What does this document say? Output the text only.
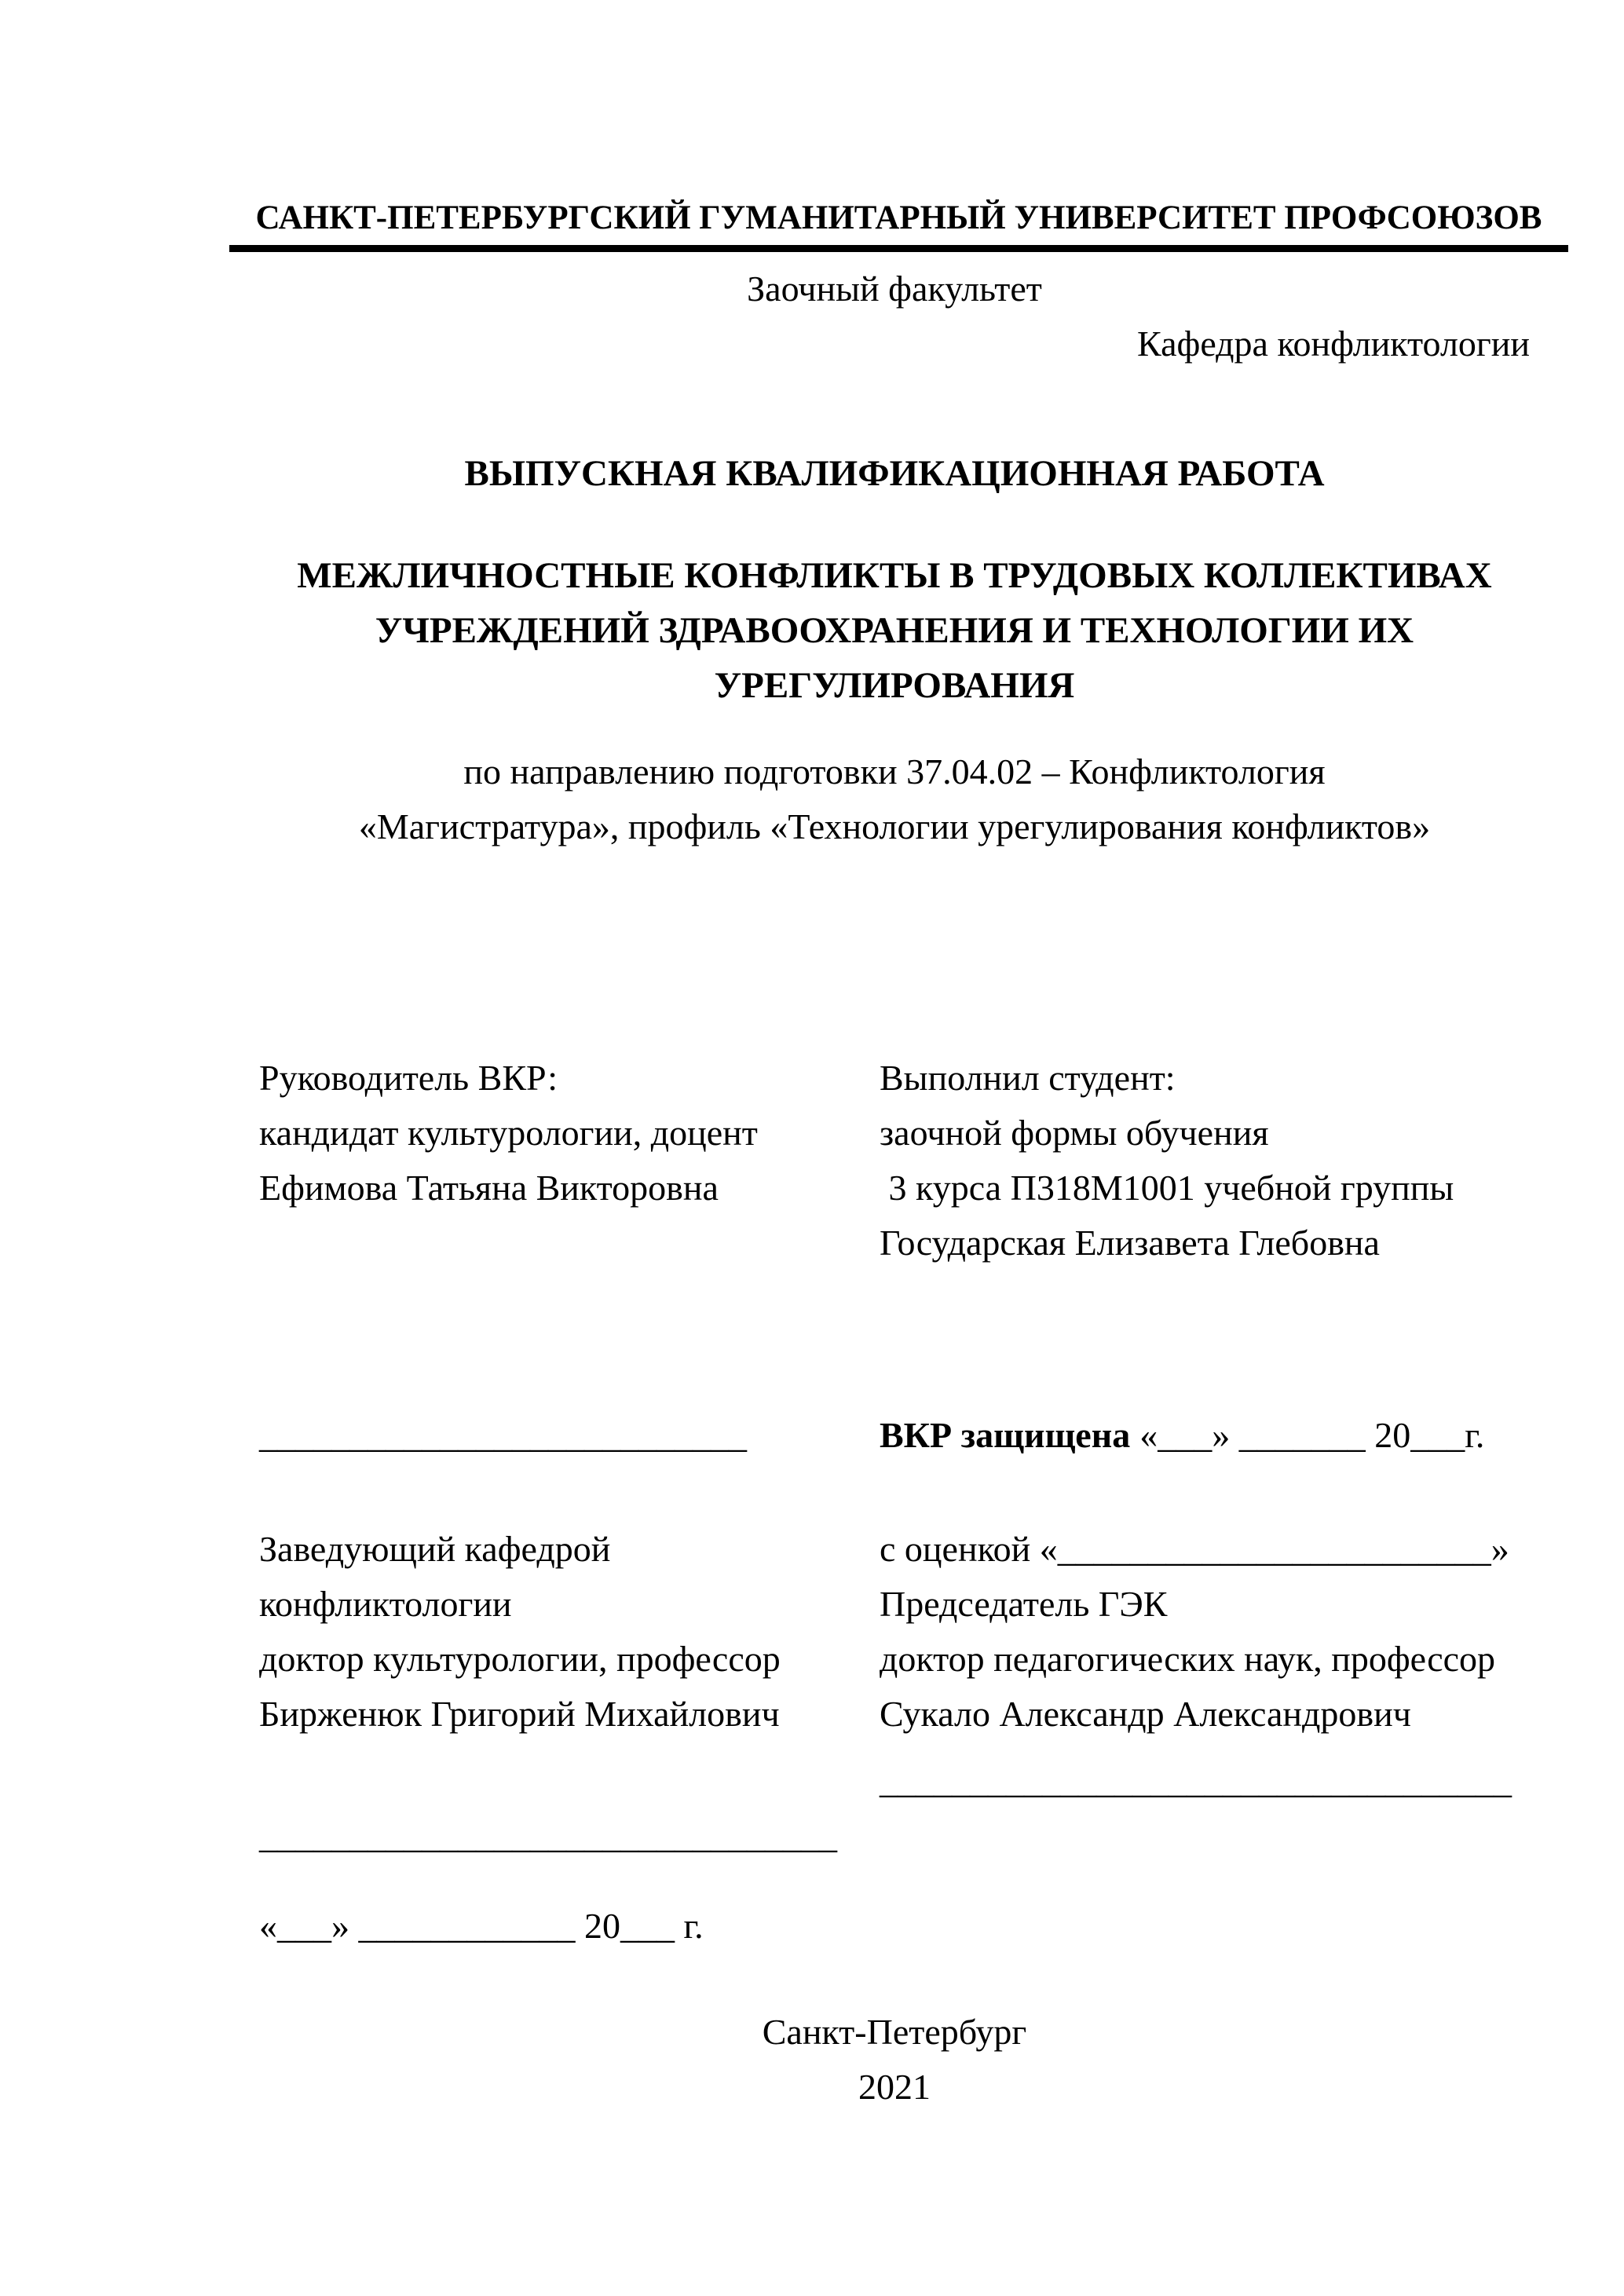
САНКТ-ПЕТЕРБУРГСКИЙ ГУМАНИТАРНЫЙ УНИВЕРСИТЕТ ПРОФСОЮЗОВ
Заочный факультет
Кафедра конфликтологии
ВЫПУСКНАЯ КВАЛИФИКАЦИОННАЯ РАБОТА
МЕЖЛИЧНОСТНЫЕ КОНФЛИКТЫ В ТРУДОВЫХ КОЛЛЕКТИВАХ
УЧРЕЖДЕНИЙ ЗДРАВООХРАНЕНИЯ И ТЕХНОЛОГИИ ИХ
УРЕГУЛИРОВАНИЯ
по направлению подготовки 37.04.02 – Конфликтология
«Магистратура», профиль «Технологии урегулирования конфликтов»
Руководитель ВКР:
кандидат культурологии, доцент
Ефимова Татьяна Викторовна
Выполнил студент:
заочной формы обучения
3 курса П318М1001 учебной группы
Государская Елизавета Глебовна
___________________________	ВКР защищена «___» _______ 20___г.
Заведующий кафедрой
конфликтологии
доктор культурологии, профессор
Бирженюк Григорий Михайлович
с оценкой «________________________»
Председатель ГЭК
доктор педагогических наук, профессор
Сукало Александр Александрович
___________________________________
________________________________
«___» ____________ 20___ г.
Санкт-Петербург
2021
